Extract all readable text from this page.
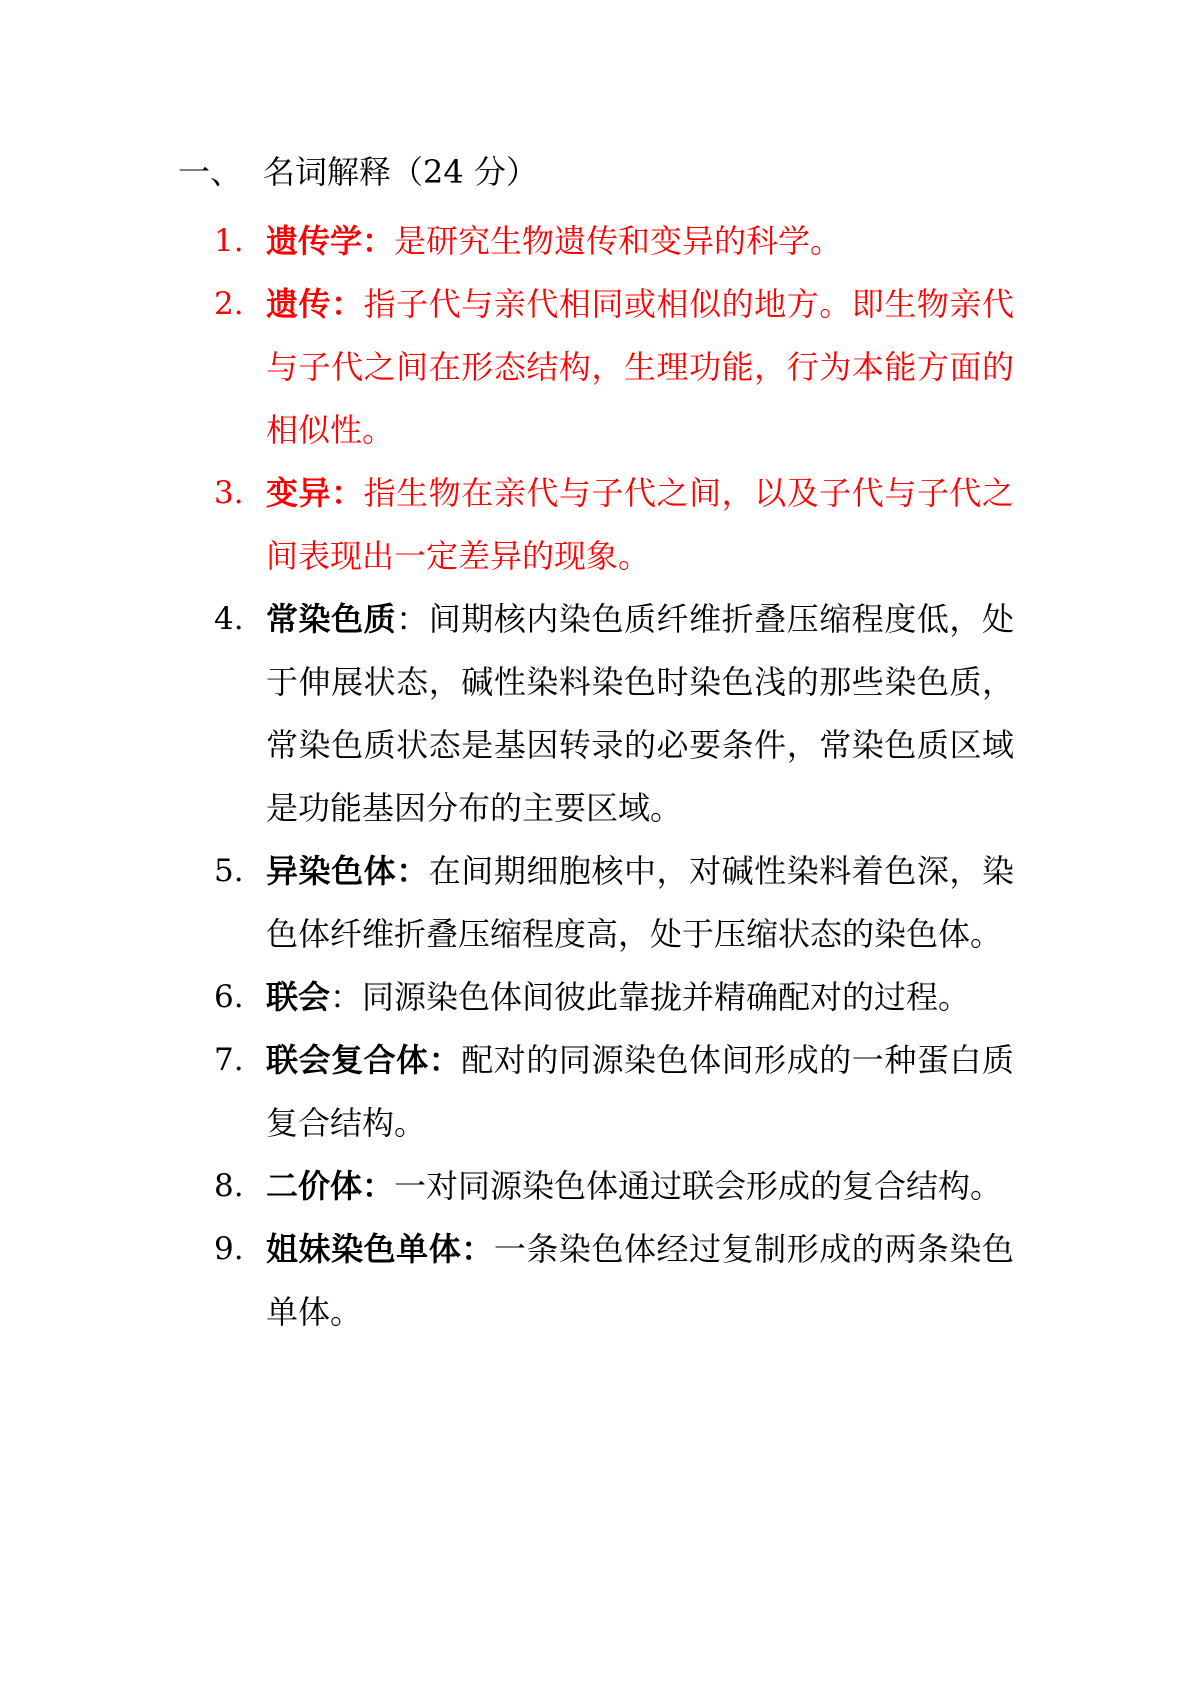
一、 名词解释（24 分）
1. 遗传学：是研究生物遗传和变异的科学。
2. 遗传：指子代与亲代相同或相似的地方。即生物亲代与子代之间在形态结构，生理功能，行为本能方面的相似性。
3. 变异：指生物在亲代与子代之间，以及子代与子代之间表现出一定差异的现象。
4. 常染色质：间期核内染色质纤维折叠压缩程度低，处于伸展状态，碱性染料染色时染色浅的那些染色质，常染色质状态是基因转录的必要条件，常染色质区域是功能基因分布的主要区域。
5. 异染色体：在间期细胞核中，对碱性染料着色深，染色体纤维折叠压缩程度高，处于压缩状态的染色体。
6. 联会：同源染色体间彼此靠拢并精确配对的过程。
7. 联会复合体：配对的同源染色体间形成的一种蛋白质复合结构。
8. 二价体：一对同源染色体通过联会形成的复合结构。
9. 姐妹染色单体：一条染色体经过复制形成的两条染色单体。
